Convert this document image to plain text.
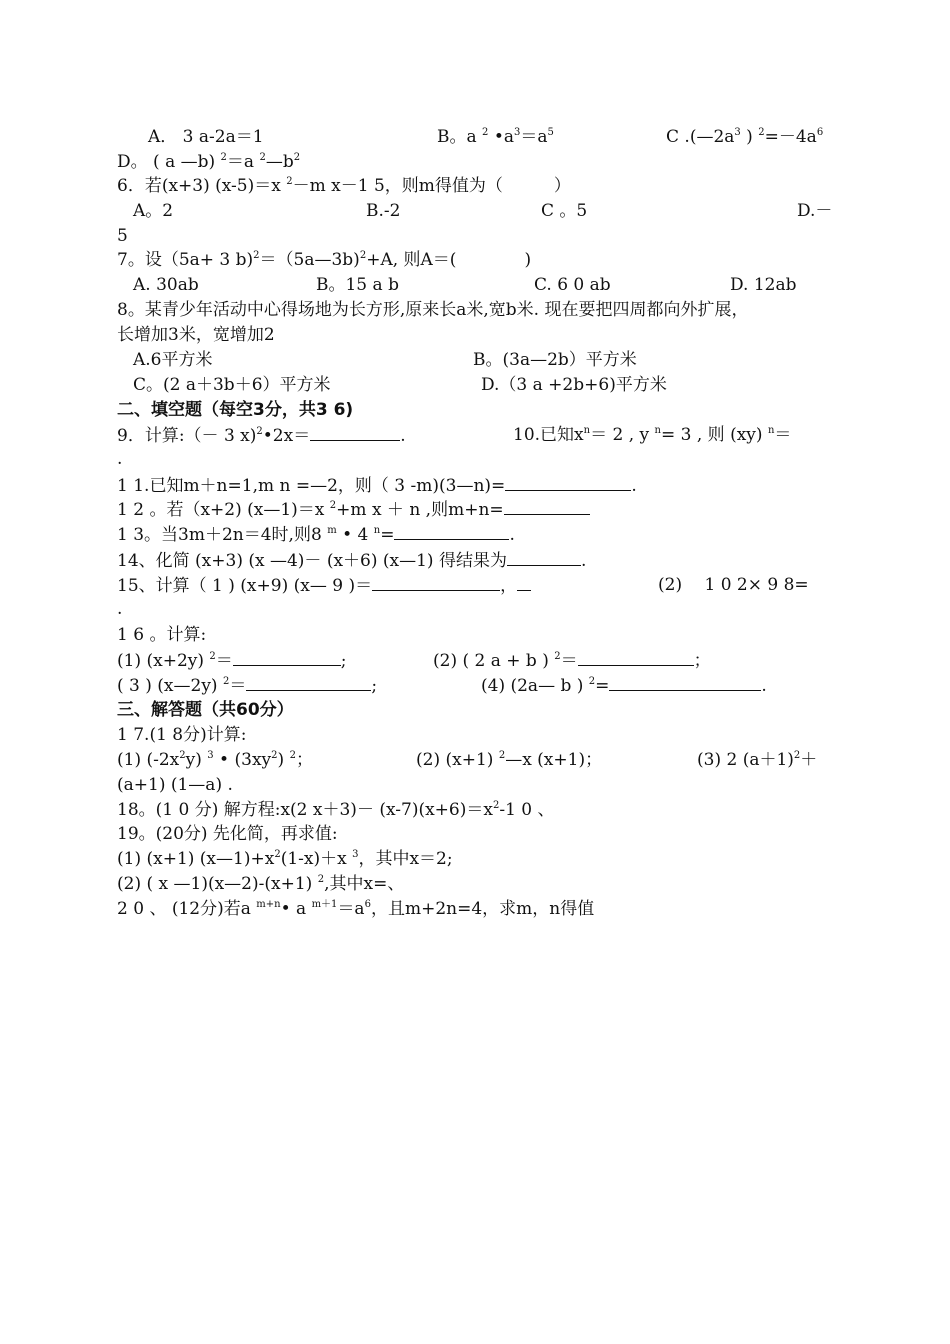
A． 3 a-2a＝1	B。a $^2$ $•a^3=a^5$	C $.(—2a^3$ ) $^2=-4a^6$
D。 ( a —b) $^2$＝a $^2—b^2$
6．若(x+3) (x-5)＝x $^2$－m x－1 5，则m得值为（　　　）
A。2	B.-2	C 。5	D.－
5
7。设（5a+ 3 b)$^2$＝（5a—3b)$^2$+A, 则A＝(　　　　)
A. 30ab	B。15 a b	C. 6 0 ab	D. 12ab
8。某青少年活动中心得场地为长方形,原来长a米,宽b米. 现在要把四周都向外扩展，
长增加3米，宽增加2
A.6平方米	B。(3a—2b）平方米
C。(2 a＋3b＋6）平方米	D.（3 a +2b+6)平方米
二、填空题（每空3分，共3 6)
9．计算:（－ 3 x)$^2$•2x＝	.	10.已知$x^n= 2$ , y $^n$= 3 , 则 (xy) $^n$＝
.
1 1.已知m＋n=1,m n =—2，则（ 3 -m)(3—n)=	.
1 2 。若（x+2) (x—1)＝x $^2$+m x ＋ n ,则m+n=
1 3。当3m＋2n＝4时,则8 $^m$ • 4 $^n$=	.
14、化简 (x+3) (x —4)－ (x＋6) (x—1) 得结果为	.
15、计算（ 1 ) (x+9) (x— 9 )＝	，	(2)　 1 0 2× 9 8=
.
1 6 。计算:
(1) (x+2y) $^2$＝	;	(2) ( 2 a + b ) $^2$＝	；
( 3 ) (x—2y) $^2$＝	;	(4) (2a— b ) $^2$=	.
三、解答题（共60分）
1 7.(1 8分)计算:
(1) $(-2x^2y)$ $^3$ • $(3xy^2)$ $^2$；	(2) (x+1) $^2$—x (x+1)；	(3) 2 $(a+1)^2+$
(a+1) (1—a) .
18。(1 0 分) 解方程:x(2 $x+3)- (x-7)(x+6)=x^2-1$ 0 、
19。(20分) 先化简，再求值:
(1) (x+1) $(x—1)+x^2(1-x)+x$ $^3$，其中x＝2;
(2) ( x —1)(x—2)-(x+1) $^2$,其中x=、
2 0 、 (12分)若a $^{m+n}$• a $^{m+1}=a^6$，且m+2n=4，求m，n得值
